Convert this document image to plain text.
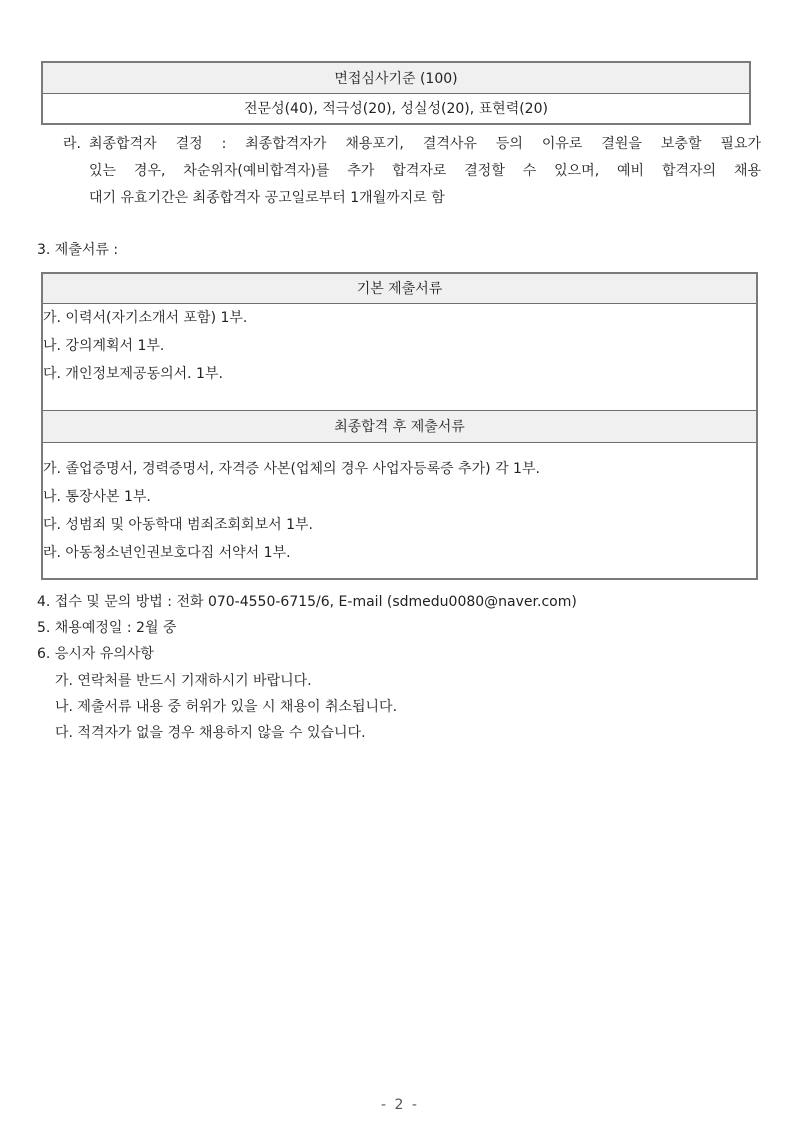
면접심사기준 (100)
전문성(40), 적극성(20), 성실성(20), 표현력(20)
라. 최종합격자 결정 : 최종합격자가 채용포기, 결격사유 등의 이유로 결원을 보충할 필요가
있는 경우, 차순위자(예비합격자)를 추가 합격자로 결정할 수 있으며, 예비 합격자의 채용
대기 유효기간은 최종합격자 공고일로부터 1개월까지로 함
3. 제출서류 :
기본 제출서류

가. 이력서(자기소개서 포함) 1부.
나. 강의계획서 1부.
다. 개인정보제공동의서. 1부.

최종합격 후 제출서류

가. 졸업증명서, 경력증명서, 자격증 사본(업체의 경우 사업자등록증 추가) 각 1부.
나. 통장사본 1부.
다. 성범죄 및 아동학대 범죄조회회보서 1부.
라. 아동청소년인권보호다짐 서약서 1부.
4. 접수 및 문의 방법 : 전화 070-4550-6715/6, E-mail (sdmedu0080@naver.com)
5. 채용예정일 : 2월 중
6. 응시자 유의사항
가. 연락처를 반드시 기재하시기 바랍니다.
나. 제출서류 내용 중 허위가 있을 시 채용이 취소됩니다.
다. 적격자가 없을 경우 채용하지 않을 수 있습니다.
- 2 -
